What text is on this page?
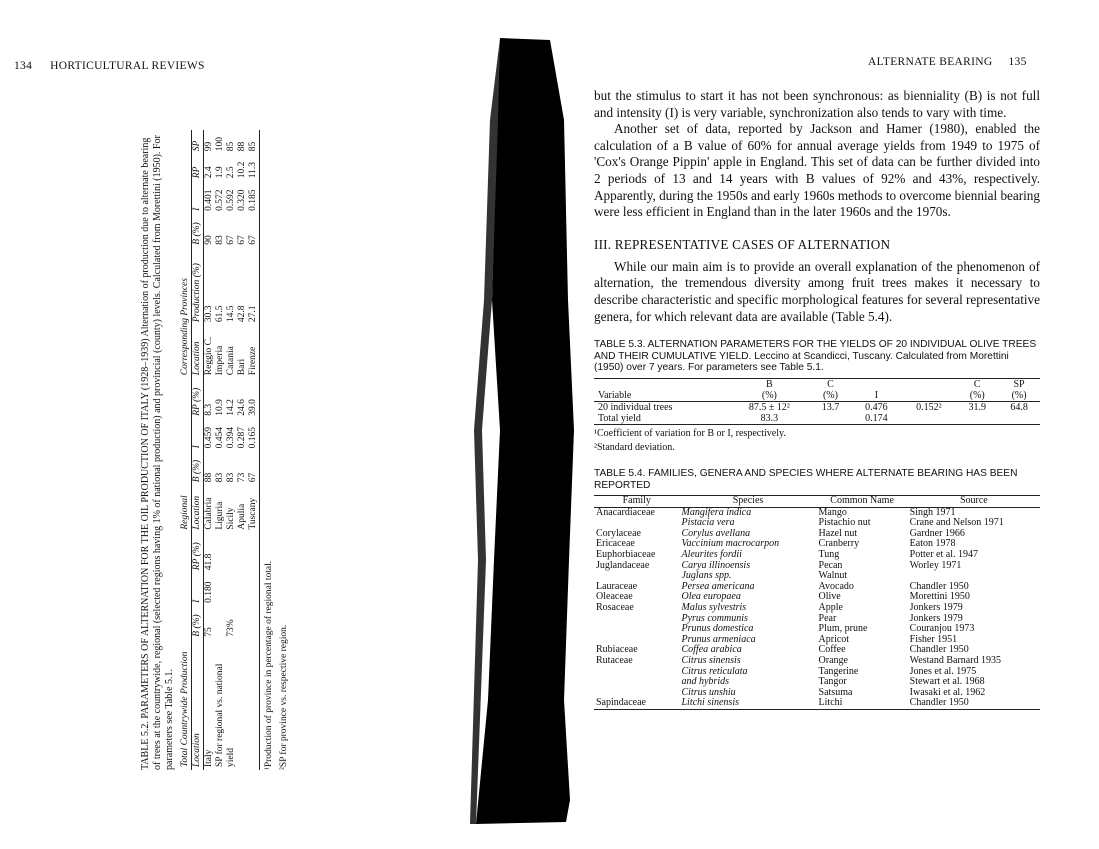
134 HORTICULTURAL REVIEWS	ALTERNATE BEARING 135
TABLE 5.2. PARAMETERS OF ALTERNATION FOR THE OIL PRODUCTION OF ITALY (1928–1939) Alternation of production due to alternate bearing of trees at the countrywide, regional (selected regions having 1% of national production) and provincial (county) levels. Calculated from Morettini (1950). For parameters see Table 5.1. Total Countrywide Production				Regional				Corresponding Provinces					
Location	B (%)	I	RP (%)	Location	B (%)	I	RP (%)	Location	Production (%)	B (%)	I	RP	SP
Italy	75	0.180	41.8	Calabria	88	0.459	8.3	Reggio C.	30.3	90	0.401	2.4	99
SP for regional vs. national				Liguria	83	0.454	10.9	Imperia	61.5	83	0.572	1.9	100
yield	73%			Sicily	83	0.394	14.2	Catania	14.5	67	0.592	2.5	85
				Apulia	73	0.287	24.6	Bari	42.8	67	0.320	10.2	88
				Tuscany	67	0.165	39.0	Firenze	27.1	67	0.185	11.3	85
¹Production of province in percentage of regional total. ²SP for province vs. respective region.

but the stimulus to start it has not been synchronous: as bienniality (B) is not full and intensity (I) is very variable, synchronization also tends to vary with time.

Another set of data, reported by Jackson and Hamer (1980), enabled the calculation of a B value of 60% for annual average yields from 1949 to 1975 of 'Cox's Orange Pippin' apple in England. This set of data can be further divided into 2 periods of 13 and 14 years with B values of 92% and 43%, respectively. Apparently, during the 1950s and early 1960s methods to overcome biennial bearing were less efficient in England than in the later 1960s and the 1970s.

III. REPRESENTATIVE CASES OF ALTERNATION

While our main aim is to provide an overall explanation of the phenomenon of alternation, the tremendous diversity among fruit trees makes it necessary to describe characteristic and specific morphological features for several representative genera, for which relevant data are available (Table 5.4).

TABLE 5.3. ALTERNATION PARAMETERS FOR THE YIELDS OF 20 INDIVIDUAL OLIVE TREES AND THEIR CUMULATIVE YIELD. Leccino at Scandicci, Tuscany. Calculated from Morettini (1950) over 7 years. For parameters see Table 5.1.
	B	C			C	SP
Variable	(%)	(%)	I		(%)	(%)
20 individual trees	87.5 ± 12²	13.7	0.476	0.152²	31.9	64.8
Total yield	83.3		0.174			
¹Coefficient of variation for B or I, respectively.
²Standard deviation.
TABLE 5.4. FAMILIES, GENERA AND SPECIES WHERE ALTERNATE BEARING HAS BEEN REPORTED
Family	Species	Common Name	Source
Anacardiaceae	Mangifera indica	Mango	Singh 1971
	Pistacia vera	Pistachio nut	Crane and Nelson 1971
Corylaceae	Corylus avellana	Hazel nut	Gardner 1966
Ericaceae	Vaccinium macrocarpon	Cranberry	Eaton 1978
Euphorbiaceae	Aleurites fordii	Tung	Potter et al. 1947
Juglandaceae	Carya illinoensis	Pecan	Worley 1971
	Juglans spp.	Walnut	
Lauraceae	Persea americana	Avocado	Chandler 1950
Oleaceae	Olea europaea	Olive	Morettini 1950
Rosaceae	Malus sylvestris	Apple	Jonkers 1979
	Pyrus communis	Pear	Jonkers 1979
	Prunus domestica	Plum, prune	Couranjou 1973
	Prunus armeniaca	Apricot	Fisher 1951
Rubiaceae	Coffea arabica	Coffee	Chandler 1950
Rutaceae	Citrus sinensis	Orange	Westand Barnard 1935
	Citrus reticulata	Tangerine	Jones et al. 1975
	and hybrids	Tangor	Stewart et al. 1968
	Citrus unshiu	Satsuma	Iwasaki et al. 1962
Sapindaceae	Litchi sinensis	Litchi	Chandler 1950
